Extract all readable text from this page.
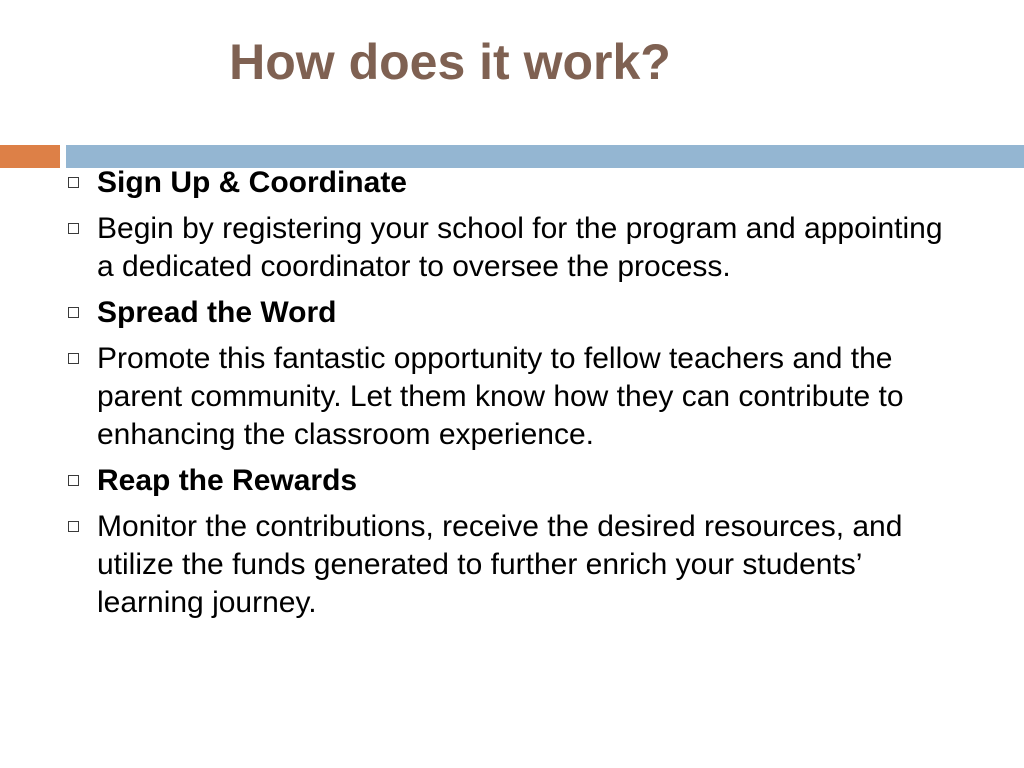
How does it work?
Sign Up & Coordinate
Begin by registering your school for the program and appointing a dedicated coordinator to oversee the process.
Spread the Word
Promote this fantastic opportunity to fellow teachers and the parent community. Let them know how they can contribute to enhancing the classroom experience.
Reap the Rewards
Monitor the contributions, receive the desired resources, and utilize the funds generated to further enrich your students’ learning journey.
